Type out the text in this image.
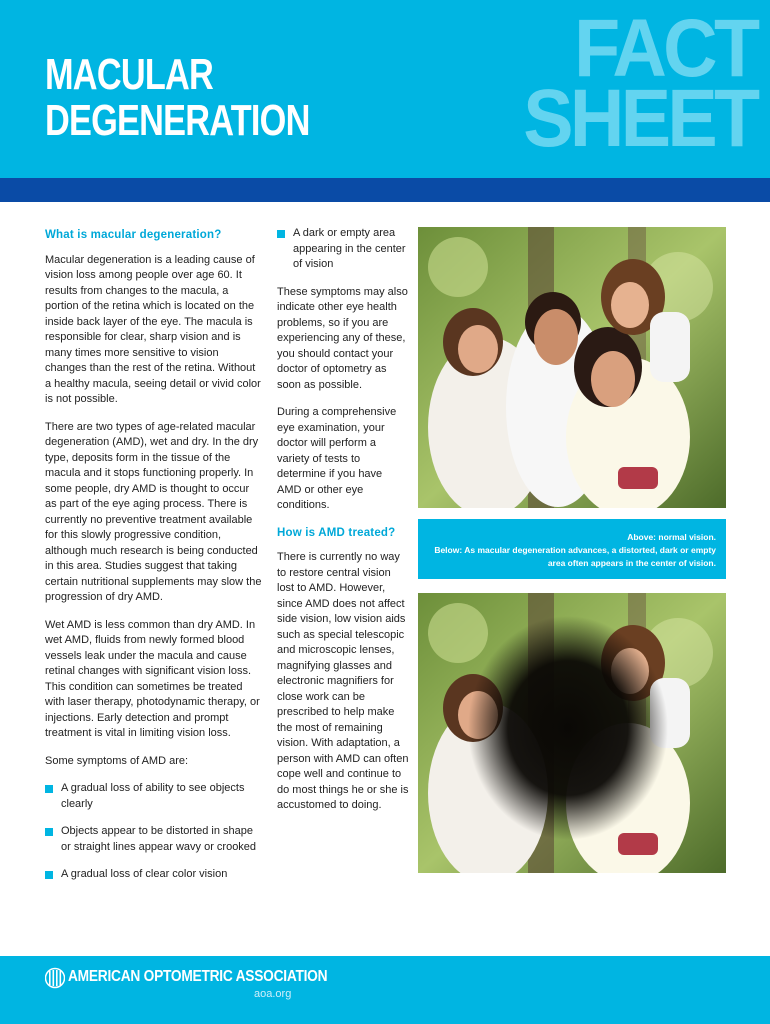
MACULAR
DEGENERATION
FACT
SHEET
What is macular degeneration?

Macular degeneration is a leading cause of vision loss among people over age 60. It results from changes to the macula, a portion of the retina which is located on the inside back layer of the eye. The macula is responsible for clear, sharp vision and is many times more sensitive to vision changes than the rest of the retina. Without a healthy macula, seeing detail or vivid color is not possible.

There are two types of age-related macular degeneration (AMD), wet and dry. In the dry type, deposits form in the tissue of the macula and it stops functioning properly. In some people, dry AMD is thought to occur as part of the eye aging process. There is currently no preventive treatment available for this slowly progressive condition, although much research is being conducted in this area. Studies suggest that taking certain nutritional supplements may slow the progression of dry AMD.

Wet AMD is less common than dry AMD. In wet AMD, fluids from newly formed blood vessels leak under the macula and cause retinal changes with significant vision loss. This condition can sometimes be treated with laser therapy, photodynamic therapy, or injections. Early detection and prompt treatment is vital in limiting vision loss.

Some symptoms of AMD are:

A gradual loss of ability to see objects clearly
Objects appear to be distorted in shape or straight lines appear wavy or crooked
A gradual loss of clear color vision
A dark or empty area appearing in the center of vision

These symptoms may also indicate other eye health problems, so if you are experiencing any of these, you should contact your doctor of optometry as soon as possible.

During a comprehensive eye examination, your doctor will perform a variety of tests to determine if you have AMD or other eye conditions.

How is AMD treated?

There is currently no way to restore central vision lost to AMD. However, since AMD does not affect side vision, low vision aids such as special telescopic and microscopic lenses, magnifying glasses and electronic magnifiers for close work can be prescribed to help make the most of remaining vision. With adaptation, a person with AMD can often cope well and continue to do most things he or she is accustomed to doing.

Above: normal vision.
Below: As macular degeneration advances, a distorted, dark or empty area often appears in the center of vision.
AMERICAN OPTOMETRIC ASSOCIATION
aoa.org
